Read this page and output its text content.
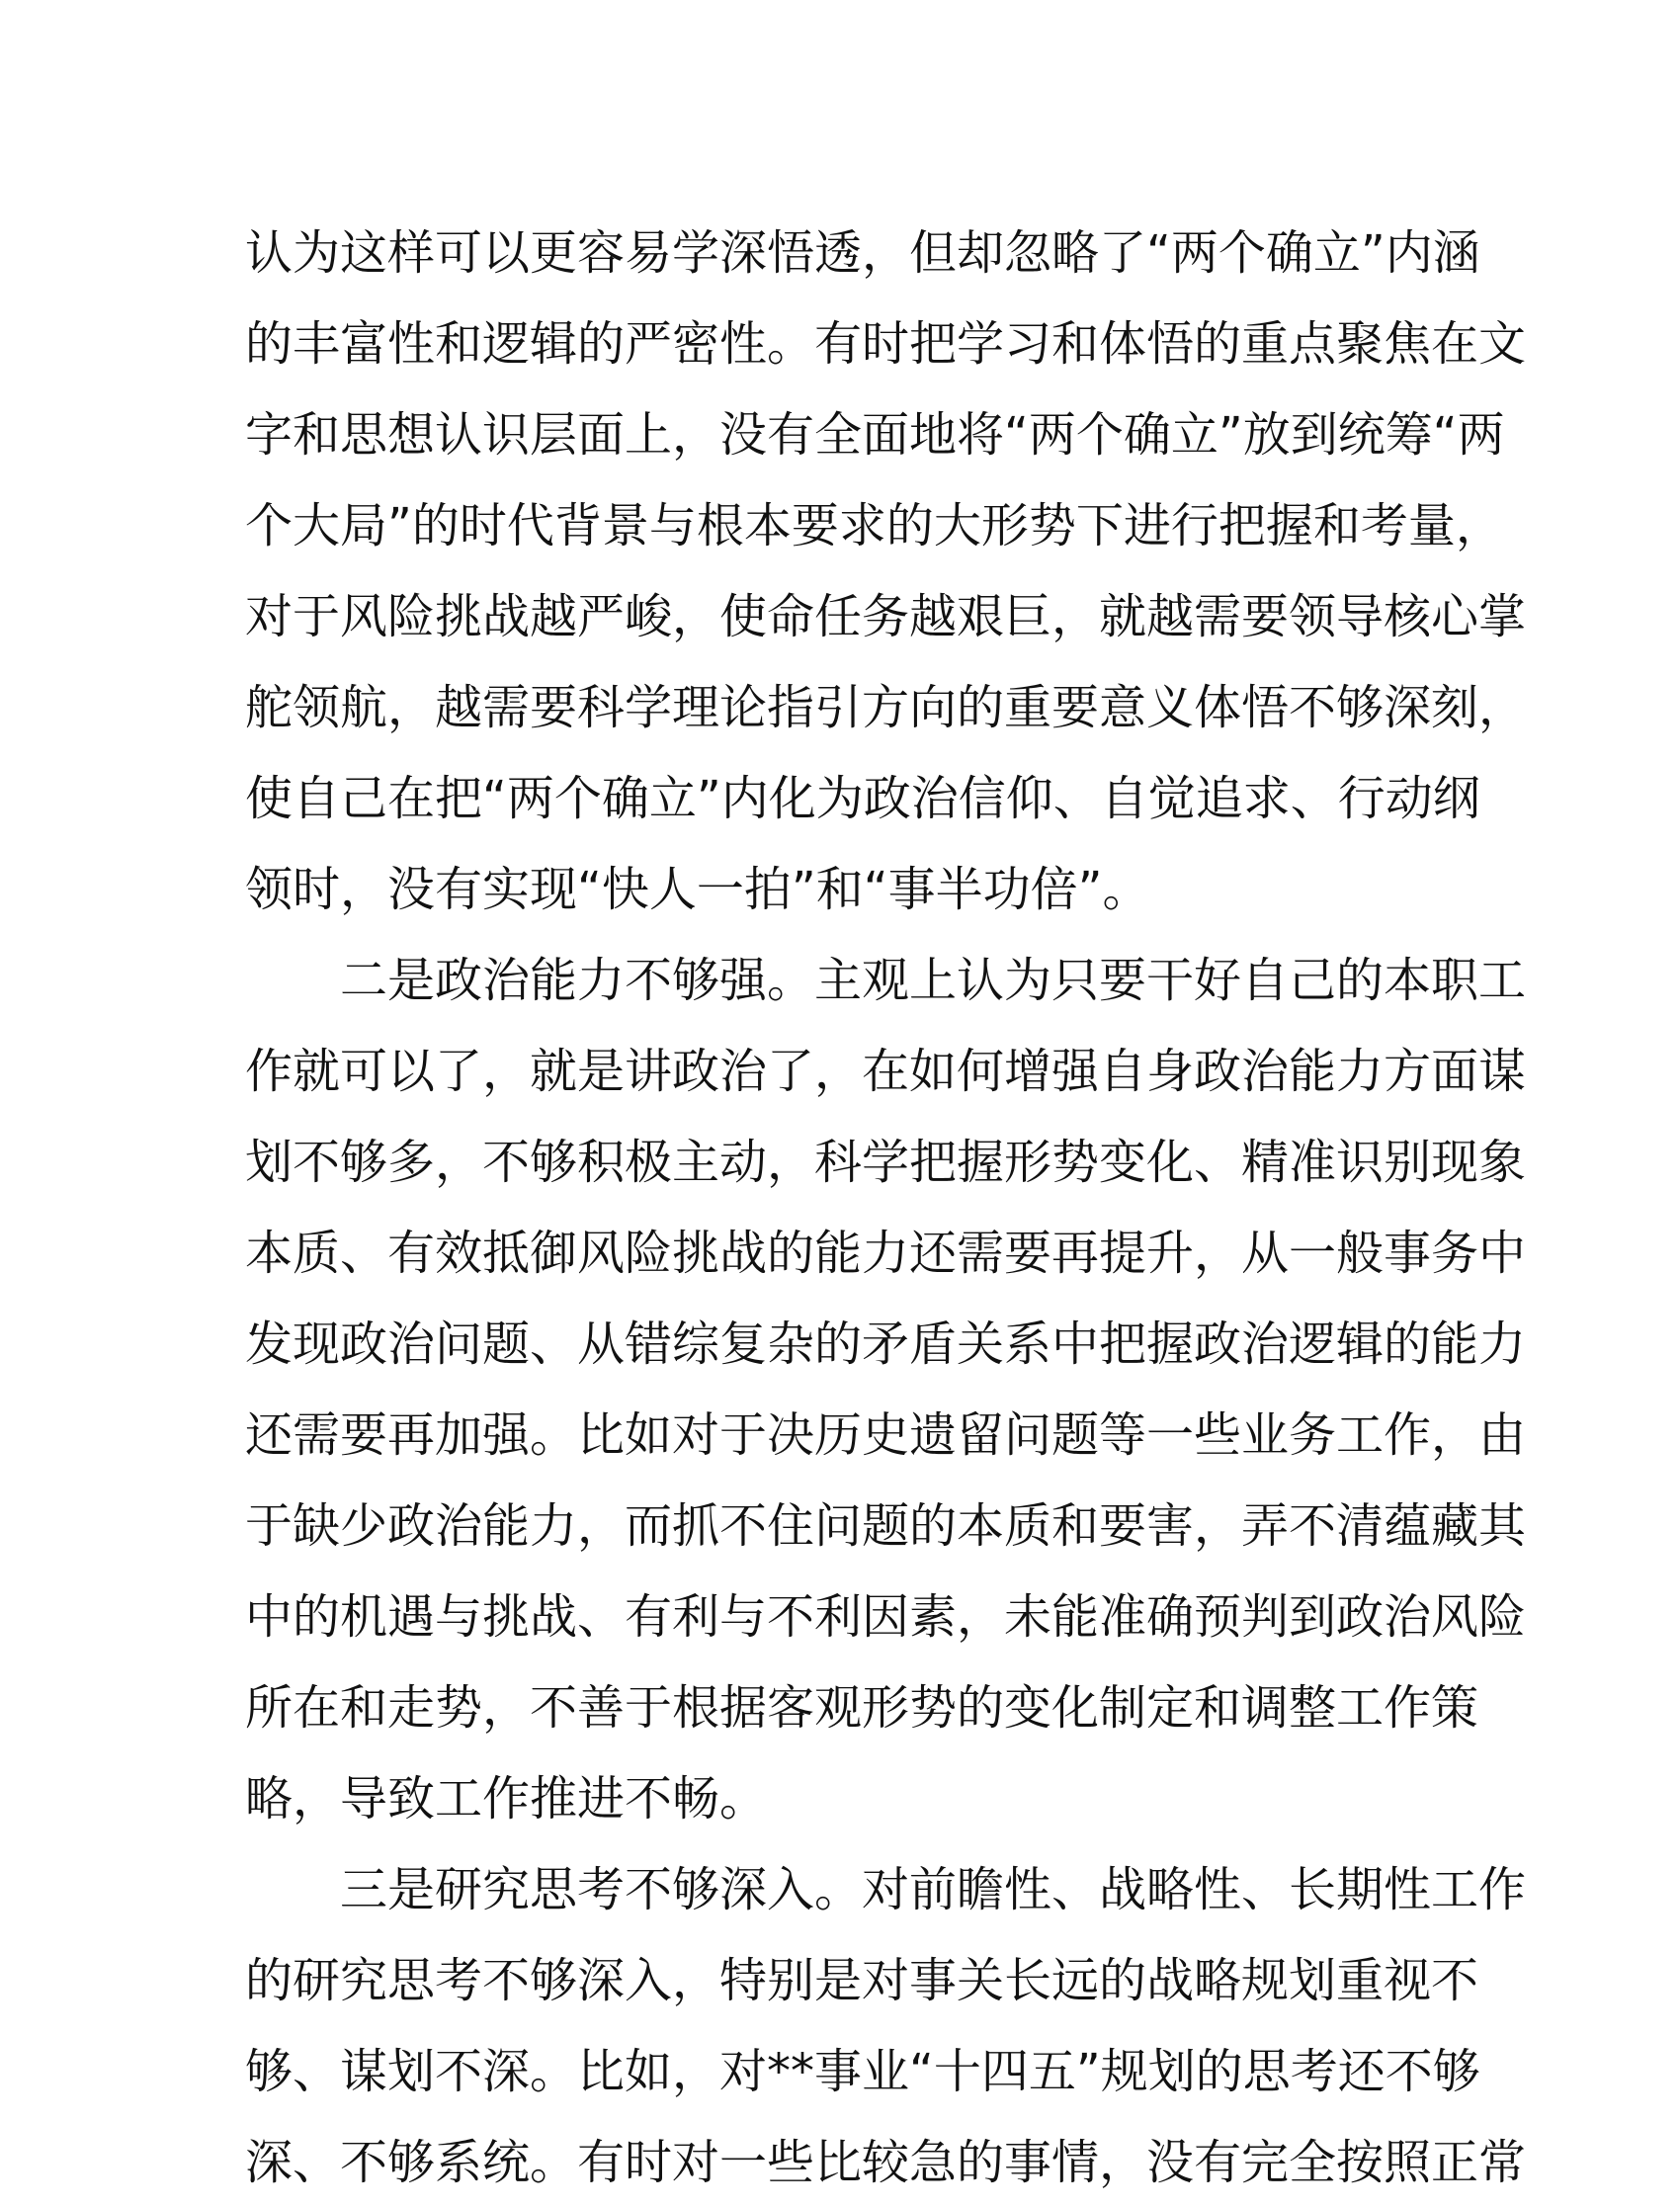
认为这样可以更容易学深悟透，但却忽略了“两个确立”内涵
的丰富性和逻辑的严密性。有时把学习和体悟的重点聚焦在文
字和思想认识层面上，没有全面地将“两个确立”放到统筹“两
个大局”的时代背景与根本要求的大形势下进行把握和考量，
对于风险挑战越严峻，使命任务越艰巨，就越需要领导核心掌
舵领航，越需要科学理论指引方向的重要意义体悟不够深刻，
使自己在把“两个确立”内化为政治信仰、自觉追求、行动纲
领时，没有实现“快人一拍”和“事半功倍”。
二是政治能力不够强。主观上认为只要干好自己的本职工
作就可以了，就是讲政治了，在如何增强自身政治能力方面谋
划不够多，不够积极主动，科学把握形势变化、精准识别现象
本质、有效抵御风险挑战的能力还需要再提升，从一般事务中
发现政治问题、从错综复杂的矛盾关系中把握政治逻辑的能力
还需要再加强。比如对于决历史遗留问题等一些业务工作，由
于缺少政治能力，而抓不住问题的本质和要害，弄不清蕴藏其
中的机遇与挑战、有利与不利因素，未能准确预判到政治风险
所在和走势，不善于根据客观形势的变化制定和调整工作策
略，导致工作推进不畅。
三是研究思考不够深入。对前瞻性、战略性、长期性工作
的研究思考不够深入，特别是对事关长远的战略规划重视不
够、谋划不深。比如，对**事业“十四五”规划的思考还不够
深、不够系统。有时对一些比较急的事情，没有完全按照正常
